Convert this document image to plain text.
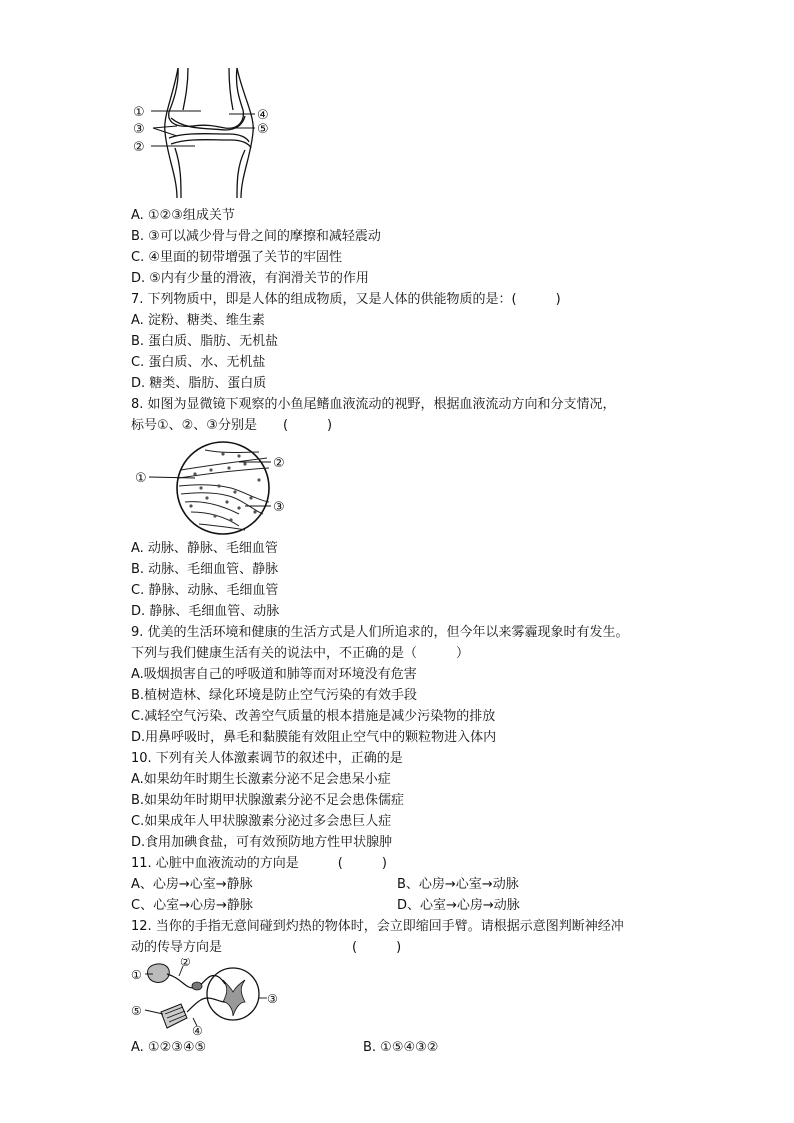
①
③
②
④
⑤
A. ①②③组成关节
B. ③可以减少骨与骨之间的摩擦和减轻震动
C. ④里面的韧带增强了关节的牢固性
D. ⑤内有少量的滑液，有润滑关节的作用
7. 下列物质中，即是人体的组成物质，又是人体的供能物质的是：(　　　)
A. 淀粉、糖类、维生素
B. 蛋白质、脂肪、无机盐
C. 蛋白质、水、无机盐
D. 糖类、脂肪、蛋白质
8. 如图为显微镜下观察的小鱼尾鳍血液流动的视野，根据血液流动方向和分支情况，
标号①、②、③分别是　　(　　　)
①
②
③
A. 动脉、静脉、毛细血管
B. 动脉、毛细血管、静脉
C. 静脉、动脉、毛细血管
D. 静脉、毛细血管、动脉
9. 优美的生活环境和健康的生活方式是人们所追求的，但今年以来雾霾现象时有发生。
下列与我们健康生活有关的说法中，不正确的是（　　　）
A.吸烟损害自己的呼吸道和肺等而对环境没有危害
B.植树造林、绿化环境是防止空气污染的有效手段
C.减轻空气污染、改善空气质量的根本措施是减少污染物的排放
D.用鼻呼吸时，鼻毛和黏膜能有效阻止空气中的颗粒物进入体内
10. 下列有关人体激素调节的叙述中，正确的是
A.如果幼年时期生长激素分泌不足会患呆小症
B.如果幼年时期甲状腺激素分泌不足会患侏儒症
C.如果成年人甲状腺激素分泌过多会患巨人症
D.食用加碘食盐，可有效预防地方性甲状腺肿
11. 心脏中血液流动的方向是　　　(　　　)
A、心房→心室→静脉	B、心房→心室→动脉
C、心室→心房→静脉	D、心室→心房→动脉
12. 当你的手指无意间碰到灼热的物体时，会立即缩回手臂。请根据示意图判断神经冲
动的传导方向是　　　　　　　　　　(　　　)
①
②
③
④
⑤
A. ①②③④⑤	B. ①⑤④③②
